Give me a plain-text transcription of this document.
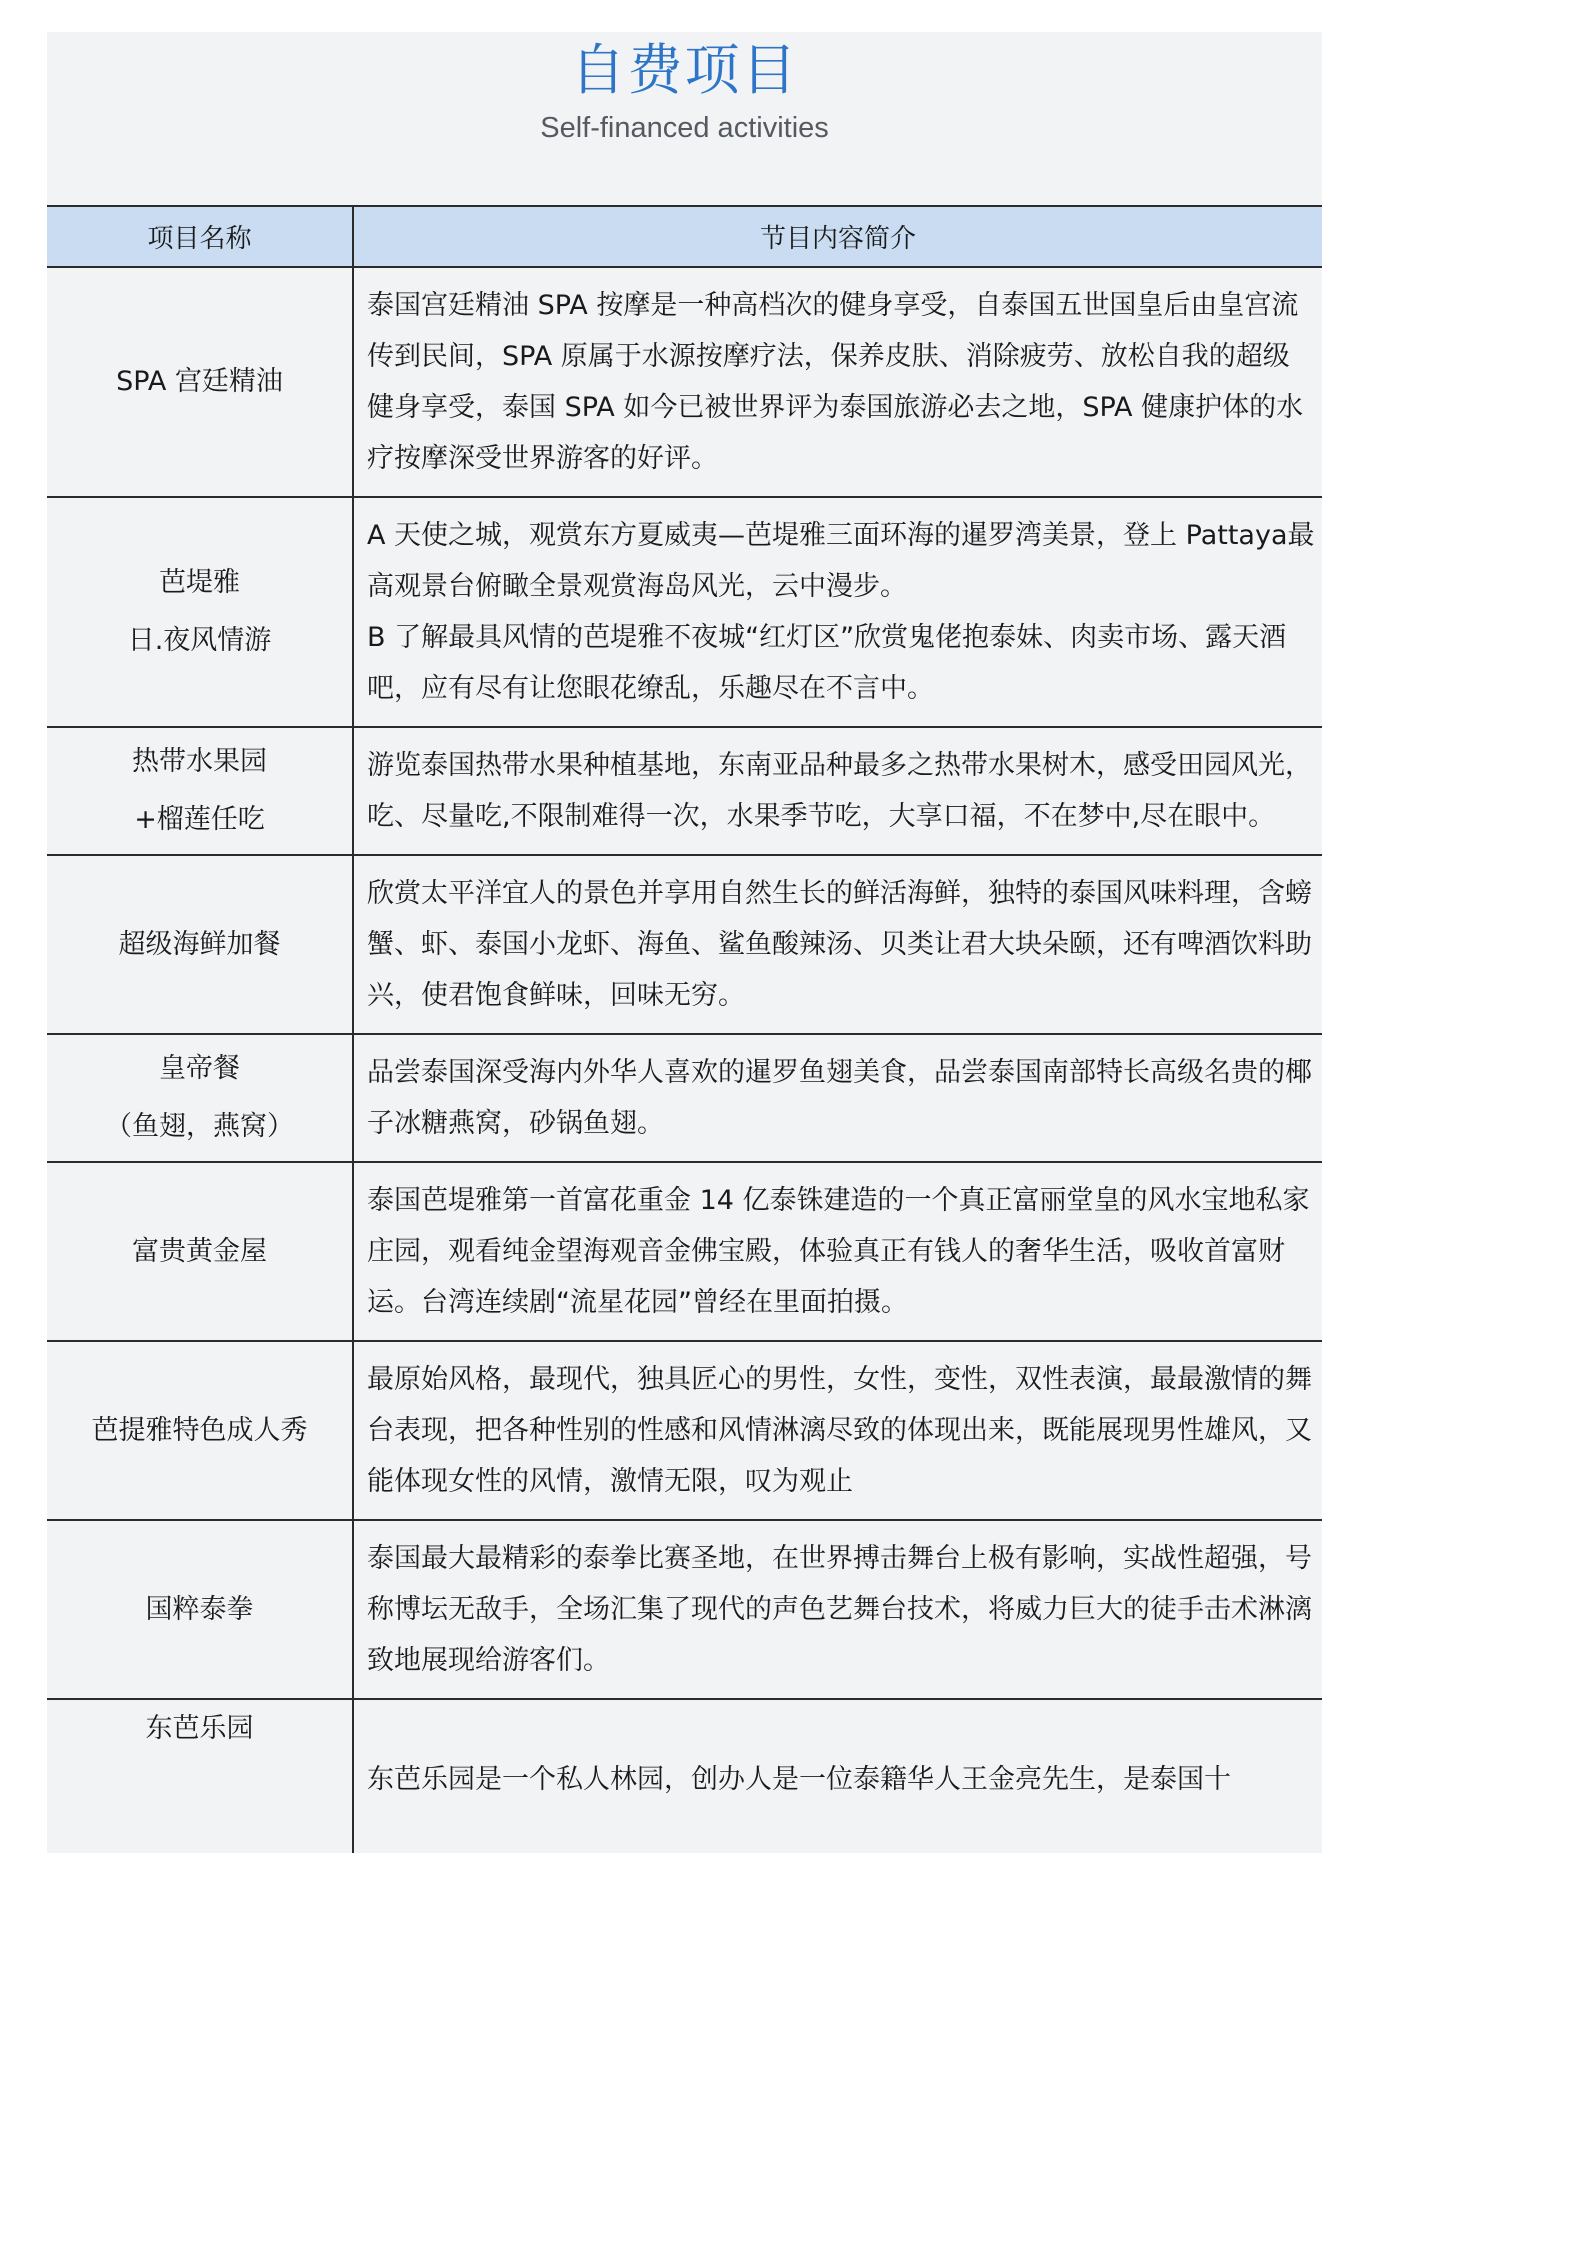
自费项目
Self-financed activities
项目名称	节目内容简介

SPA 宫廷精油	泰国宫廷精油 SPA 按摩是一种高档次的健身享受，自泰国五世国皇后由皇宫流传到民间，SPA 原属于水源按摩疗法，保养皮肤、消除疲劳、放松自我的超级健身享受，泰国 SPA 如今已被世界评为泰国旅游必去之地，SPA 健康护体的水疗按摩深受世界游客的好评。

芭堤雅
日.夜风情游	A 天使之城，观赏东方夏威夷—芭堤雅三面环海的暹罗湾美景，登上 Pattaya最高观景台俯瞰全景观赏海岛风光，云中漫步。
B 了解最具风情的芭堤雅不夜城“红灯区”欣赏鬼佬抱泰妹、肉卖市场、露天酒吧，应有尽有让您眼花缭乱，乐趣尽在不言中。

热带水果园
+榴莲任吃	游览泰国热带水果种植基地，东南亚品种最多之热带水果树木，感受田园风光，吃、尽量吃,不限制难得一次，水果季节吃，大享口福，不在梦中,尽在眼中。

超级海鲜加餐	欣赏太平洋宜人的景色并享用自然生长的鲜活海鲜，独特的泰国风味料理，含螃蟹、虾、泰国小龙虾、海鱼、鲨鱼酸辣汤、贝类让君大块朵颐，还有啤酒饮料助兴，使君饱食鲜味，回味无穷。

皇帝餐
（鱼翅，燕窝）	品尝泰国深受海内外华人喜欢的暹罗鱼翅美食，品尝泰国南部特长高级名贵的椰子冰糖燕窝，砂锅鱼翅。

富贵黄金屋	泰国芭堤雅第一首富花重金 14 亿泰铢建造的一个真正富丽堂皇的风水宝地私家庄园，观看纯金望海观音金佛宝殿，体验真正有钱人的奢华生活，吸收首富财运。台湾连续剧“流星花园”曾经在里面拍摄。

芭提雅特色成人秀	最原始风格，最现代，独具匠心的男性，女性，变性，双性表演，最最激情的舞台表现，把各种性别的性感和风情淋漓尽致的体现出来，既能展现男性雄风，又能体现女性的风情，激情无限，叹为观止

国粹泰拳	泰国最大最精彩的泰拳比赛圣地，在世界搏击舞台上极有影响，实战性超强，号称博坛无敌手，全场汇集了现代的声色艺舞台技术，将威力巨大的徒手击术淋漓致地展现给游客们。

东芭乐园	东芭乐园是一个私人林园，创办人是一位泰籍华人王金亮先生，是泰国十
